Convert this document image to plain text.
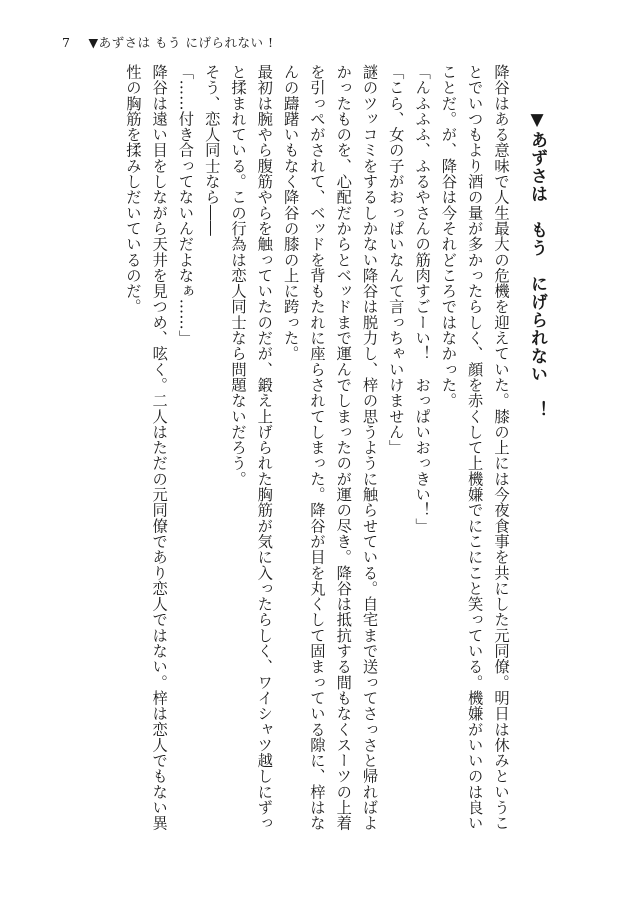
7 ▼あずさは もう にげられない !
▼あずさは　もう　にげられない　！

降谷はある意味で人生最大の危機を迎えていた。膝の上には今夜食事を共にした元同僚。明日は休みということでいつもより酒の量が多かったらしく、顔を赤くして上機嫌でにこにこと笑っている。機嫌がいいのは良いことだ。が、降谷は今それどころではなかった。

「んふふふ、ふるやさんの筋肉すごーい！　おっぱいおっきい！」

「こら、女の子がおっぱいなんて言っちゃいけません」

謎のツッコミをするしかない降谷は脱力し、梓の思うように触らせている。自宅まで送ってさっさと帰ればよかったものを、心配だからとベッドまで運んでしまったのが運の尽き。降谷は抵抗する間もなくスーツの上着を引っぺがされて、ベッドを背もたれに座らされてしまった。降谷が目を丸くして固まっている隙に、梓はなんの躊躇いもなく降谷の膝の上に跨った。

最初は腕やら腹筋やらを触っていたのだが、鍛え上げられた胸筋が気に入ったらしく、ワイシャツ越しにずっと揉まれている。この行為は恋人同士なら問題ないだろう。

そう、恋人同士なら――

「……付き合ってないんだよなぁ……」

降谷は遠い目をしながら天井を見つめ、呟く。二人はただの元同僚であり恋人ではない。梓は恋人でもない異性の胸筋を揉みしだいているのだ。
